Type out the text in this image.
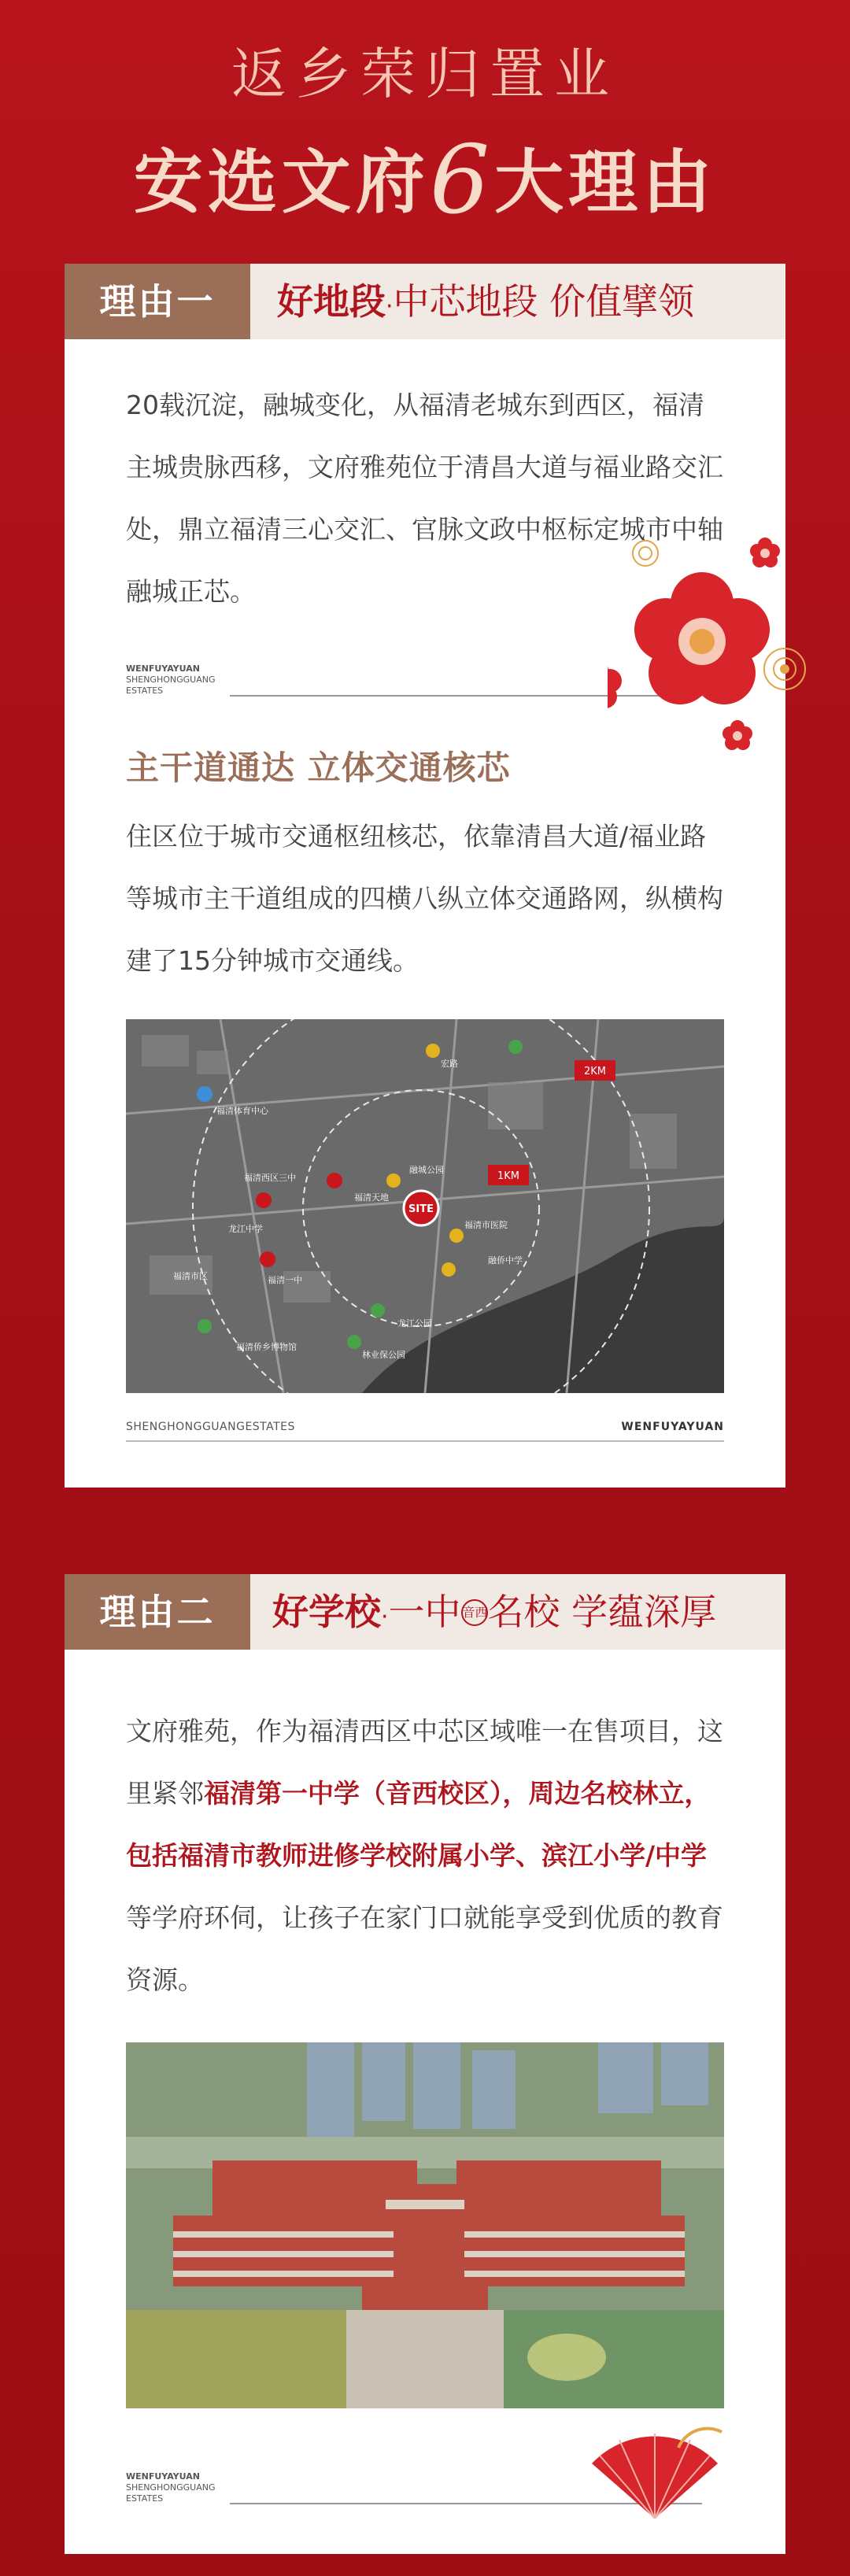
返乡荣归置业
安选文府6大理由
理由一	好地段·中芯地段 价值擘领

20载沉淀，融城变化，从福清老城东到西区，福清主城贵脉西移，文府雅苑位于清昌大道与福业路交汇处，鼎立福清三心交汇、官脉文政中枢标定城市中轴融城正芯。

WENFUYAYUAN
SHENGHONGGUANG
ESTATES
主干道通达 立体交通核芯

住区位于城市交通枢纽核芯，依靠清昌大道/福业路等城市主干道组成的四横八纵立体交通路网，纵横构建了15分钟城市交通线。

1KM
2KM
SITE
福清体育中心
福清西区三中
福清市区
福清天地
融城公园
龙江公园
福清市医院
融侨中学
福清一中
宏路
龙江中学
福清侨乡博物馆
林业保公园
SHENGHONGGUANGESTATES	WENFUYAYUAN
理由二	好学校·一中 音西名校 学蕴深厚

文府雅苑，作为福清西区中芯区域唯一在售项目，这里紧邻福清第一中学（音西校区），周边名校林立，包括福清市教师进修学校附属小学、滨江小学/中学等学府环伺，让孩子在家门口就能享受到优质的教育资源。

WENFUYAYUAN
SHENGHONGGUANG
ESTATES
